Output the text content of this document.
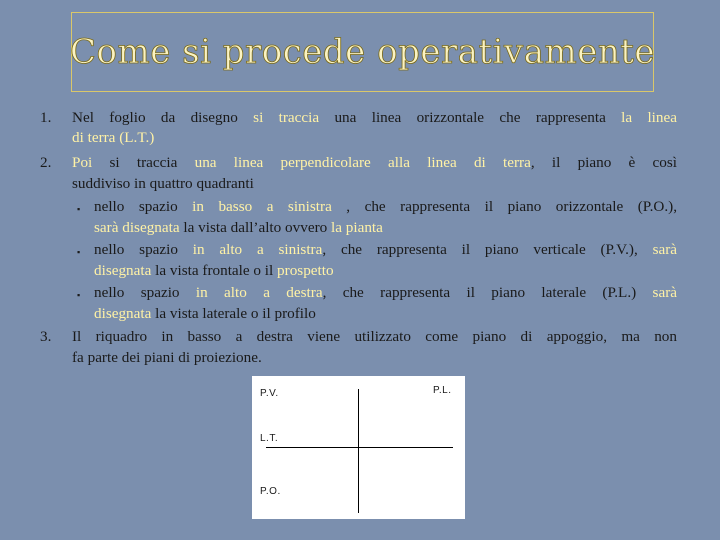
Come si procede operativamente
1. Nel foglio da disegno si traccia una linea orizzontale che rappresenta la linea
di terra (L.T.)
2. Poi si traccia una linea perpendicolare alla linea di terra, il piano è così
suddiviso in quattro quadranti
▪ nello spazio in basso a sinistra , che rappresenta il piano orizzontale (P.O.),
sarà disegnata la vista dall’alto ovvero la pianta
▪ nello spazio in alto a sinistra, che rappresenta il piano verticale (P.V.), sarà
disegnata la vista frontale o il prospetto
▪ nello spazio in alto a destra, che rappresenta il piano laterale (P.L.) sarà
disegnata la vista laterale o il profilo
3. Il riquadro in basso a destra viene utilizzato come piano di appoggio, ma non
fa parte dei piani di proiezione.
P.V.	P.L.
L.T.
P.O.
